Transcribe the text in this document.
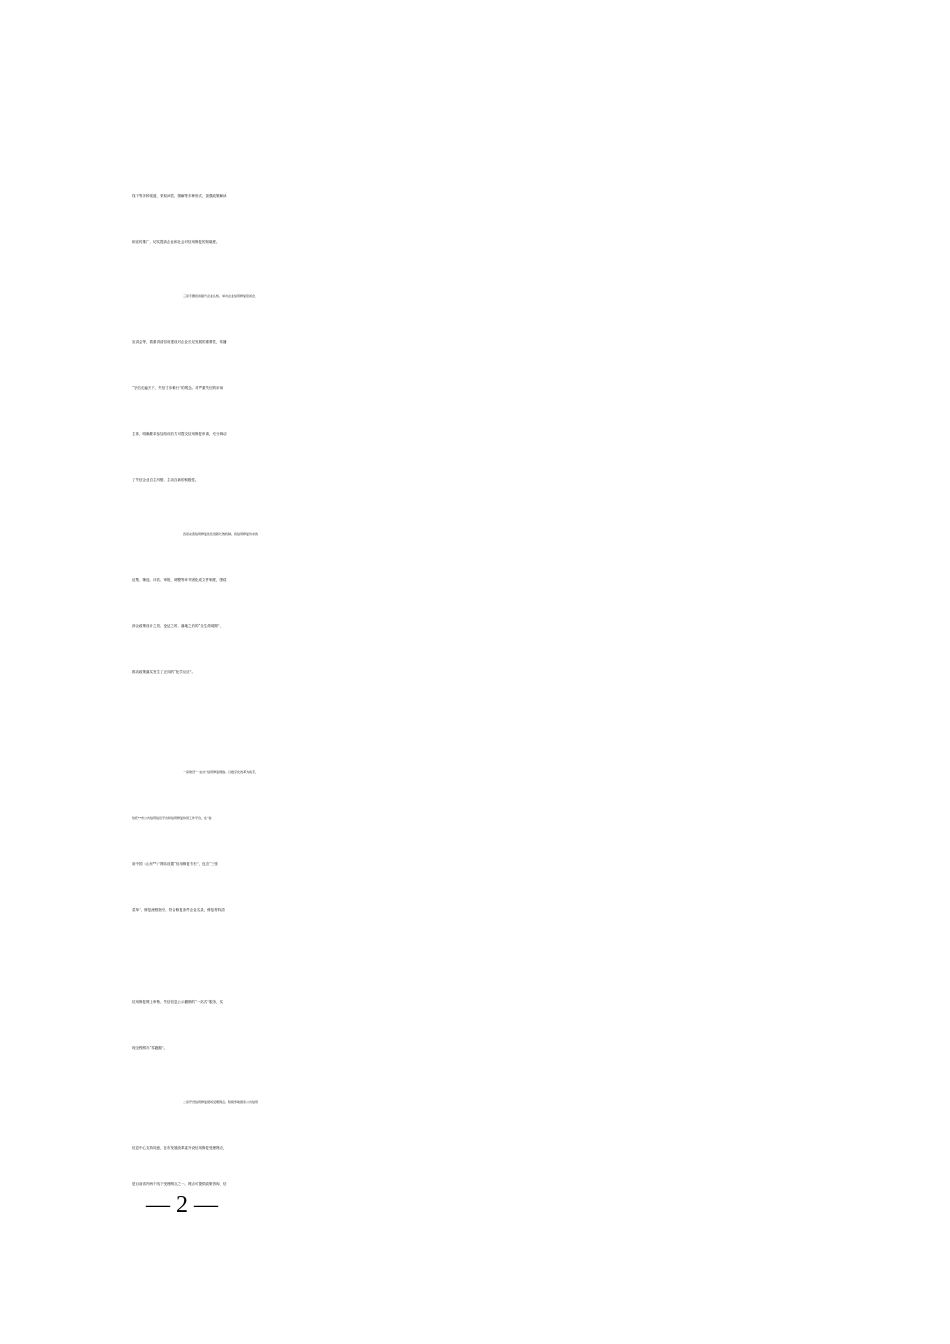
线下等多种渠道，采取问答、图解等多种形式，加强政策解读
和宣传推广，切实提高企业和社会对信用修复的知晓度。
三是专题培训提升企业认知。举办企业信用修复培训会、
宣讲会等，着重讲清信用建设对企业长足发展的重要性，传播
“守信走遍天下，失信寸步难行”的观念。对严重失信的市场
主体，明确要求参加培训后方可提交信用修复申请，充分调动
了失信企业自主纠错、主动自新的积极性。
四是完善信用修复优化创新长效机制。将信用修复诉求的
征集、筛选、评估、审报、调整等环节固化成文件制度，围绕
涉企政策设计之初、论证之时、落地之后的“全生命周期”，
推动政策落实发生了正向的“化学反应”。
一是建设“一站式”信用修复网络。以数字化改革为抓手，
依托**市公共信用信息平台和信用修复协同工作平台，在“信
用中国（山东**）”网站设置“信用修复专栏”，包含“三张
菜单”、修复流程指引、符合修复条件企业名录、修复材料清
信用修复网上审核、失信信息公示撤销的“一站式”服务，实
现全程网办“零跑腿”。
二是开设信用修复现场受理网点。积极争取国家公共信用
信息中心支持同意，在市发展改革委开设信用修复受理网点，
是目前省内两个线下受理网点之一。网点可提供政策咨询、信
— 2 —
